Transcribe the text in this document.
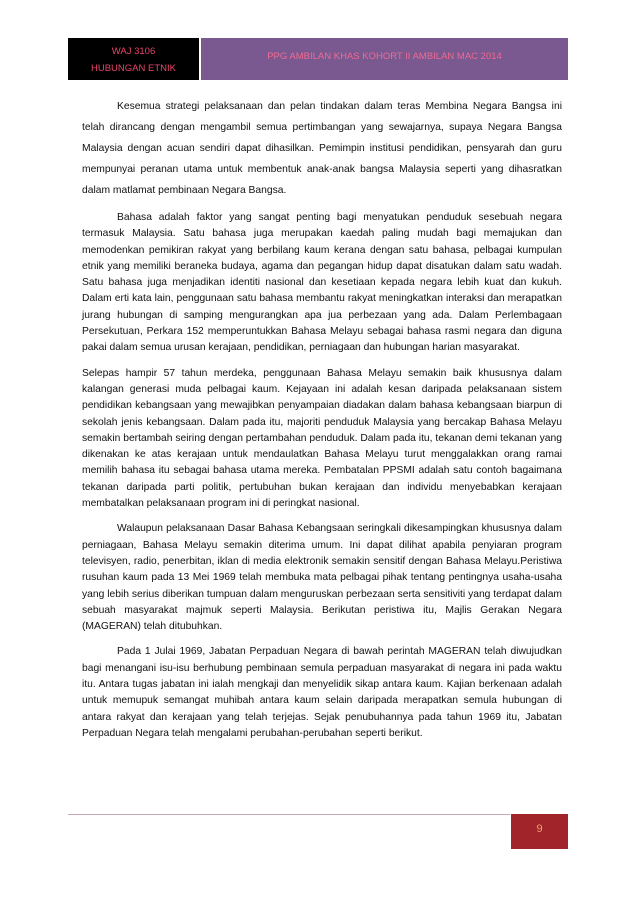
WAJ 3106
HUBUNGAN ETNIK
PPG AMBILAN KHAS KOHORT II AMBILAN MAC 2014

Kesemua strategi pelaksanaan dan pelan tindakan dalam teras Membina Negara Bangsa ini telah dirancang dengan mengambil semua pertimbangan yang sewajarnya, supaya Negara Bangsa Malaysia dengan acuan sendiri dapat dihasilkan. Pemimpin institusi pendidikan, pensyarah dan guru mempunyai peranan utama untuk membentuk anak-anak bangsa Malaysia seperti yang dihasratkan dalam matlamat pembinaan Negara Bangsa.

Bahasa adalah faktor yang sangat penting bagi menyatukan penduduk sesebuah negara termasuk Malaysia. Satu bahasa juga merupakan kaedah paling mudah bagi memajukan dan memodenkan pemikiran rakyat yang berbilang kaum kerana dengan satu bahasa, pelbagai kumpulan etnik yang memiliki beraneka budaya, agama dan pegangan hidup dapat disatukan dalam satu wadah. Satu bahasa juga menjadikan identiti nasional dan kesetiaan kepada negara lebih kuat dan kukuh. Dalam erti kata lain, penggunaan satu bahasa membantu rakyat meningkatkan interaksi dan merapatkan jurang hubungan di samping mengurangkan apa jua perbezaan yang ada. Dalam Perlembagaan Persekutuan, Perkara 152 memperuntukkan Bahasa Melayu sebagai bahasa rasmi negara dan diguna pakai dalam semua urusan kerajaan, pendidikan, perniagaan dan hubungan harian masyarakat.

Selepas hampir 57 tahun merdeka, penggunaan Bahasa Melayu semakin baik khususnya dalam kalangan generasi muda pelbagai kaum. Kejayaan ini adalah kesan daripada pelaksanaan sistem pendidikan kebangsaan yang mewajibkan penyampaian diadakan dalam bahasa kebangsaan biarpun di sekolah jenis kebangsaan. Dalam pada itu, majoriti penduduk Malaysia yang bercakap Bahasa Melayu semakin bertambah seiring dengan pertambahan penduduk. Dalam pada itu, tekanan demi tekanan yang dikenakan ke atas kerajaan untuk mendaulatkan Bahasa Melayu turut menggalakkan orang ramai memilih bahasa itu sebagai bahasa utama mereka. Pembatalan PPSMI adalah satu contoh bagaimana tekanan daripada parti politik, pertubuhan bukan kerajaan dan individu menyebabkan kerajaan membatalkan pelaksanaan program ini di peringkat nasional.

Walaupun pelaksanaan Dasar Bahasa Kebangsaan seringkali dikesampingkan khususnya dalam perniagaan, Bahasa Melayu semakin diterima umum. Ini dapat dilihat apabila penyiaran program televisyen, radio, penerbitan, iklan di media elektronik semakin sensitif dengan Bahasa Melayu.Peristiwa rusuhan kaum pada 13 Mei 1969 telah membuka mata pelbagai pihak tentang pentingnya usaha-usaha yang lebih serius diberikan tumpuan dalam menguruskan perbezaan serta sensitiviti yang terdapat dalam sebuah masyarakat majmuk seperti Malaysia. Berikutan peristiwa itu, Majlis Gerakan Negara (MAGERAN) telah ditubuhkan.

Pada 1 Julai 1969, Jabatan Perpaduan Negara di bawah perintah MAGERAN telah diwujudkan bagi menangani isu-isu berhubung pembinaan semula perpaduan masyarakat di negara ini pada waktu itu. Antara tugas jabatan ini ialah mengkaji dan menyelidik sikap antara kaum. Kajian berkenaan adalah untuk memupuk semangat muhibah antara kaum selain daripada merapatkan semula hubungan di antara rakyat dan kerajaan yang telah terjejas. Sejak penubuhannya pada tahun 1969 itu, Jabatan Perpaduan Negara telah mengalami perubahan-perubahan seperti berikut.

9
